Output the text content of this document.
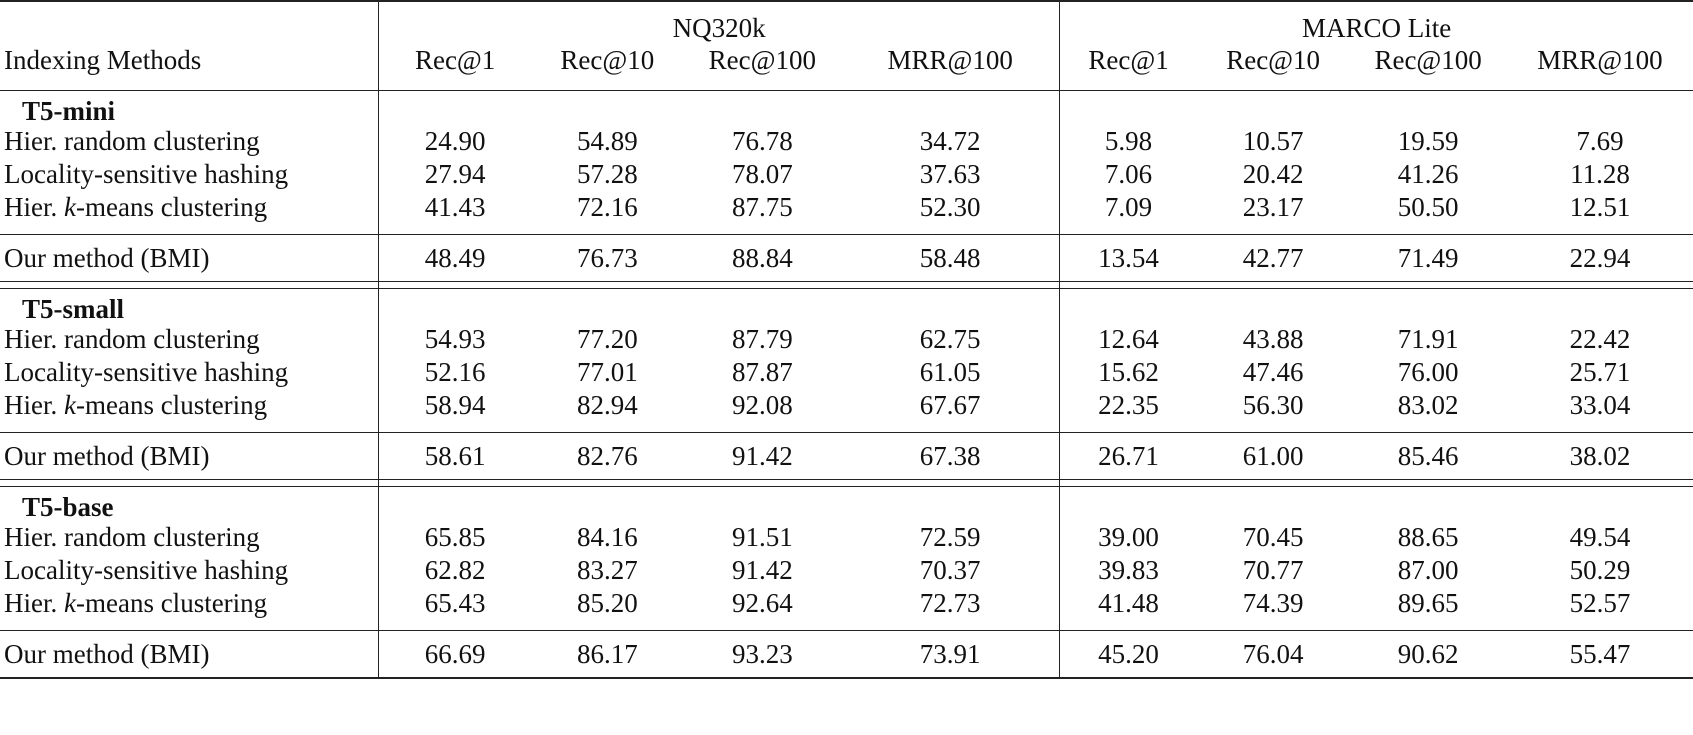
	NQ320k				MARCO Lite			
Indexing Methods	Rec@1	Rec@10	Rec@100	MRR@100	Rec@1	Rec@10	Rec@100	MRR@100

T5-mini								
Hier. random clustering	24.90	54.89	76.78	34.72	5.98	10.57	19.59	7.69
Locality-sensitive hashing	27.94	57.28	78.07	37.63	7.06	20.42	41.26	11.28
Hier. k-means clustering	41.43	72.16	87.75	52.30	7.09	23.17	50.50	12.51

Our method (BMI)	48.49	76.73	88.84	58.48	13.54	42.77	71.49	22.94

T5-small								
Hier. random clustering	54.93	77.20	87.79	62.75	12.64	43.88	71.91	22.42
Locality-sensitive hashing	52.16	77.01	87.87	61.05	15.62	47.46	76.00	25.71
Hier. k-means clustering	58.94	82.94	92.08	67.67	22.35	56.30	83.02	33.04

Our method (BMI)	58.61	82.76	91.42	67.38	26.71	61.00	85.46	38.02

T5-base								
Hier. random clustering	65.85	84.16	91.51	72.59	39.00	70.45	88.65	49.54
Locality-sensitive hashing	62.82	83.27	91.42	70.37	39.83	70.77	87.00	50.29
Hier. k-means clustering	65.43	85.20	92.64	72.73	41.48	74.39	89.65	52.57

Our method (BMI)	66.69	86.17	93.23	73.91	45.20	76.04	90.62	55.47
